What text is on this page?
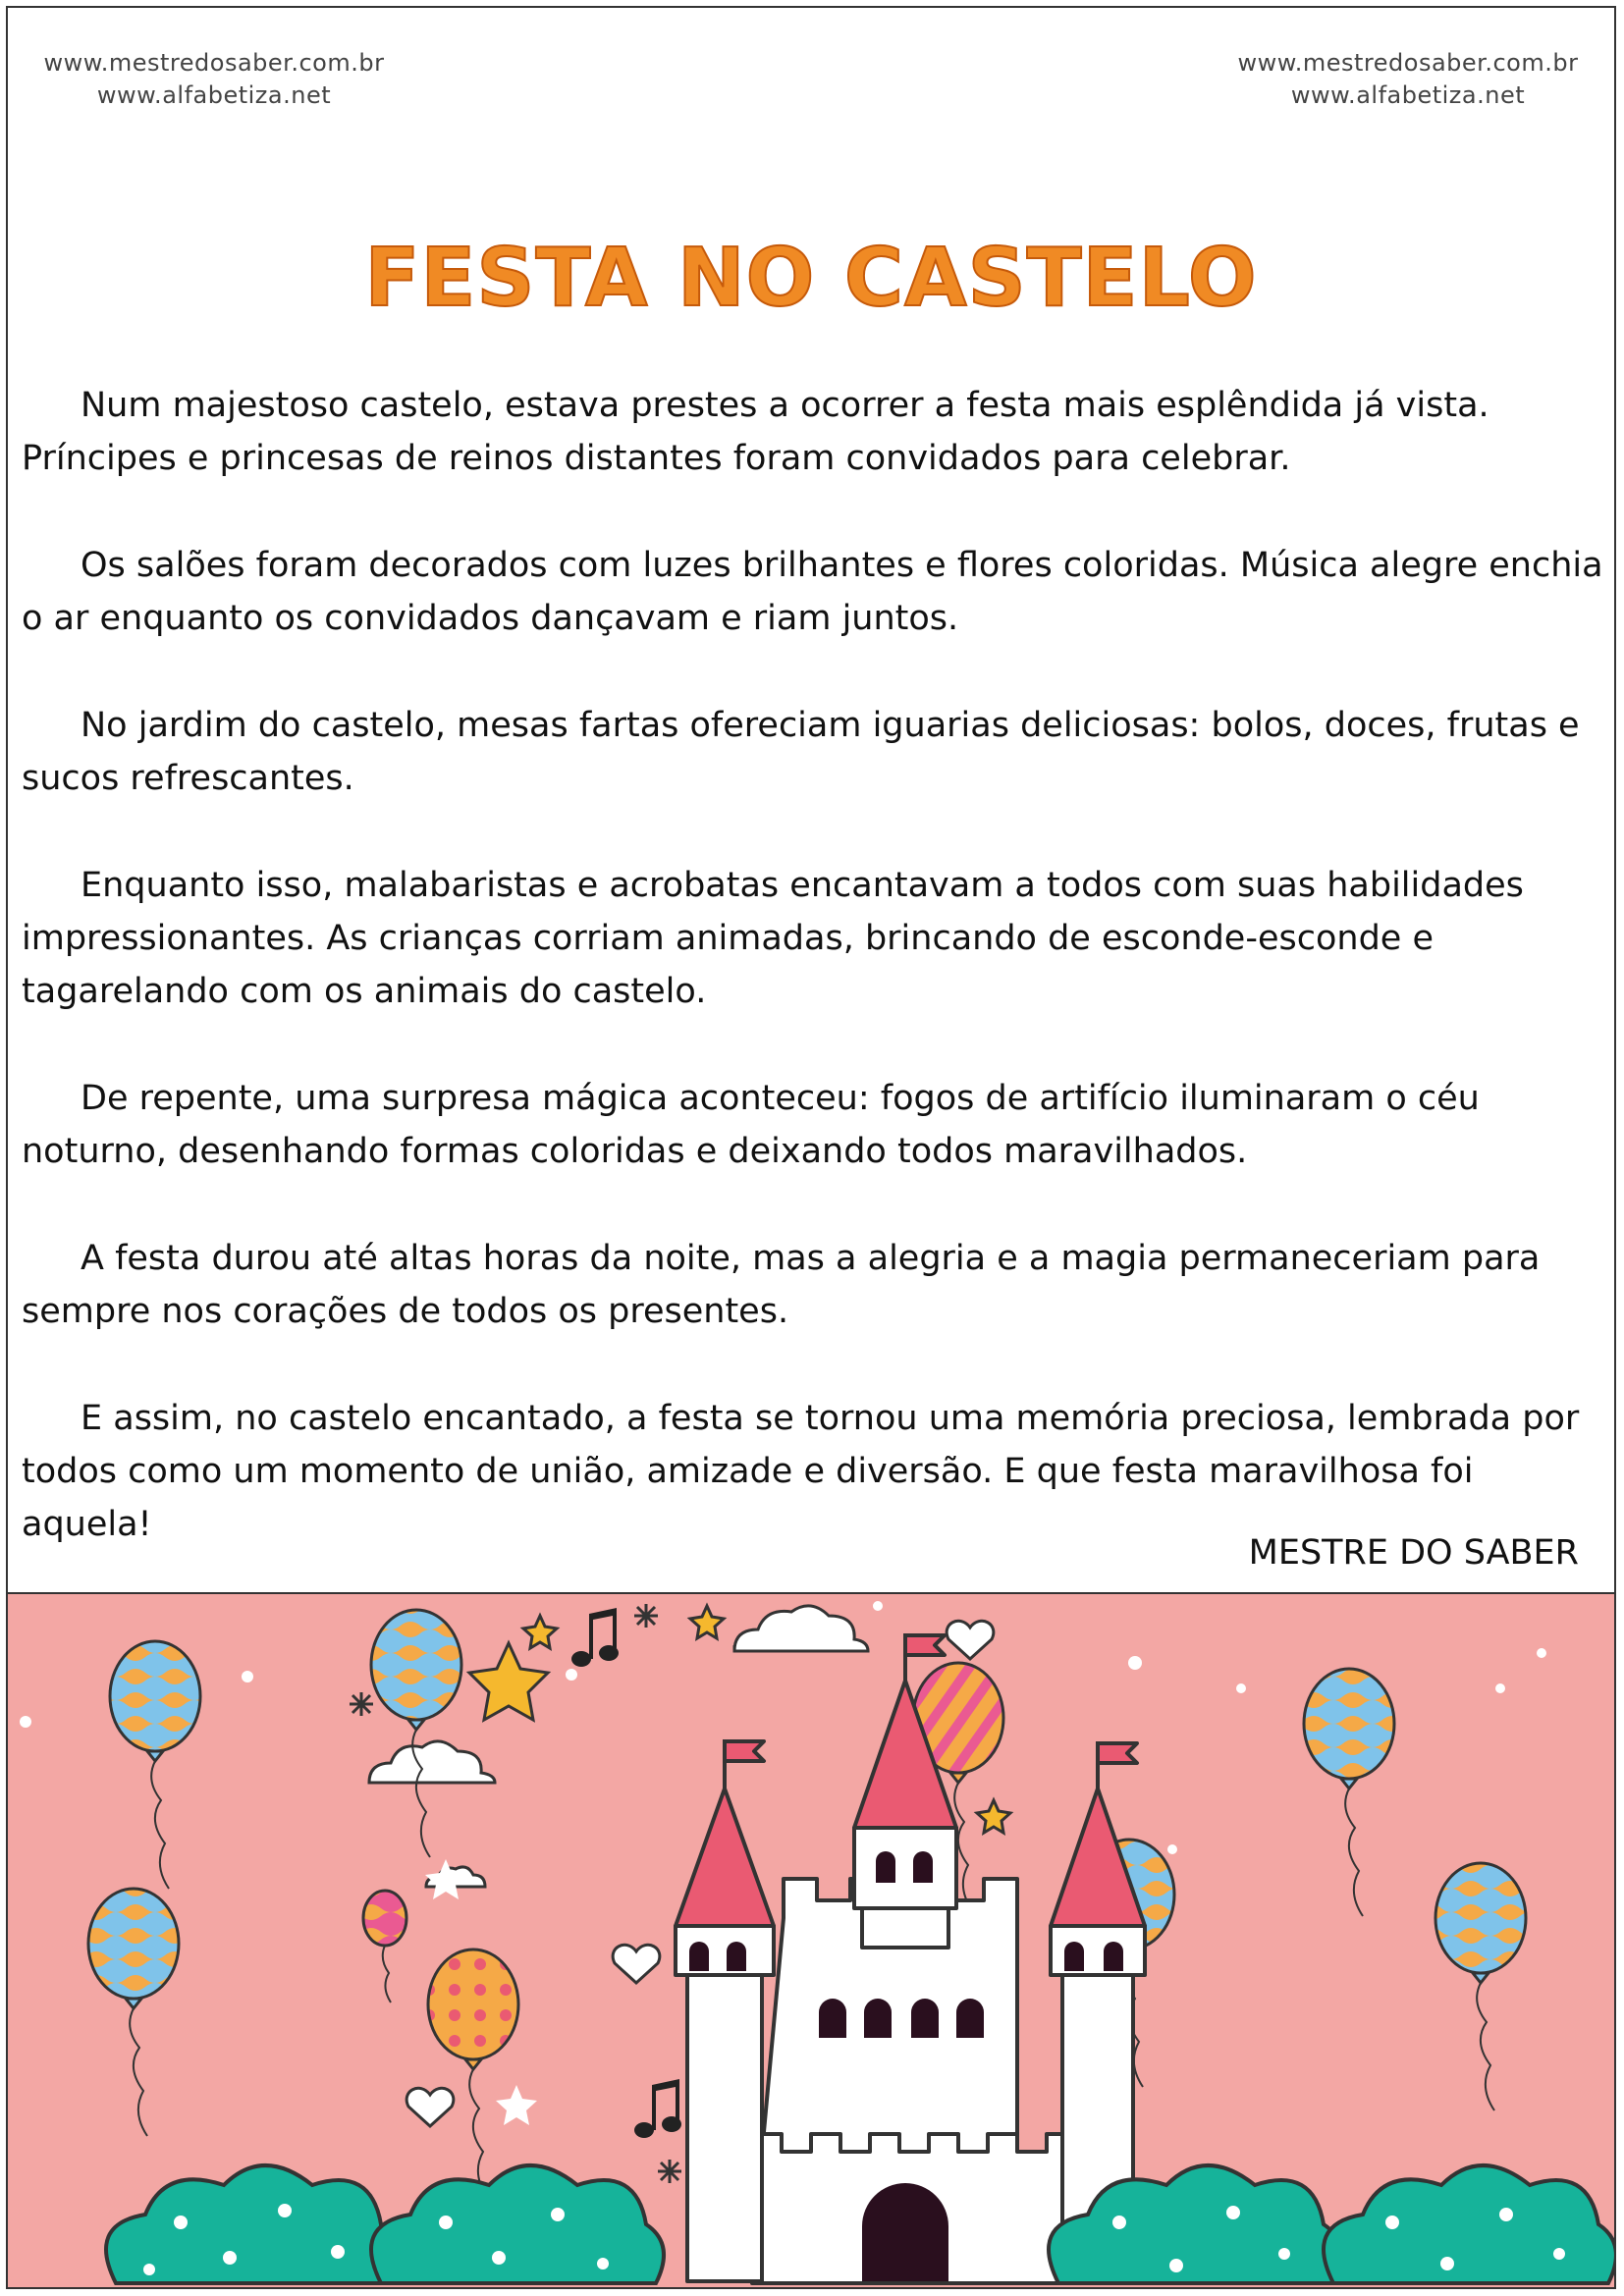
www.mestredosaber.com.br
www.alfabetiza.net
www.mestredosaber.com.br
www.alfabetiza.net
FESTA NO CASTELO

Num majestoso castelo, estava prestes a ocorrer a festa mais esplêndida já vista. Príncipes e princesas de reinos distantes foram convidados para celebrar.

Os salões foram decorados com luzes brilhantes e flores coloridas. Música alegre enchia o ar enquanto os convidados dançavam e riam juntos.

No jardim do castelo, mesas fartas ofereciam iguarias deliciosas: bolos, doces, frutas e sucos refrescantes.

Enquanto isso, malabaristas e acrobatas encantavam a todos com suas habilidades impressionantes. As crianças corriam animadas, brincando de esconde-esconde e tagarelando com os animais do castelo.

De repente, uma surpresa mágica aconteceu: fogos de artifício iluminaram o céu noturno, desenhando formas coloridas e deixando todos maravilhados.

A festa durou até altas horas da noite, mas a alegria e a magia permaneceriam para sempre nos corações de todos os presentes.

E assim, no castelo encantado, a festa se tornou uma memória preciosa, lembrada por todos como um momento de união, amizade e diversão. E que festa maravilhosa foi aquela!

MESTRE DO SABER
